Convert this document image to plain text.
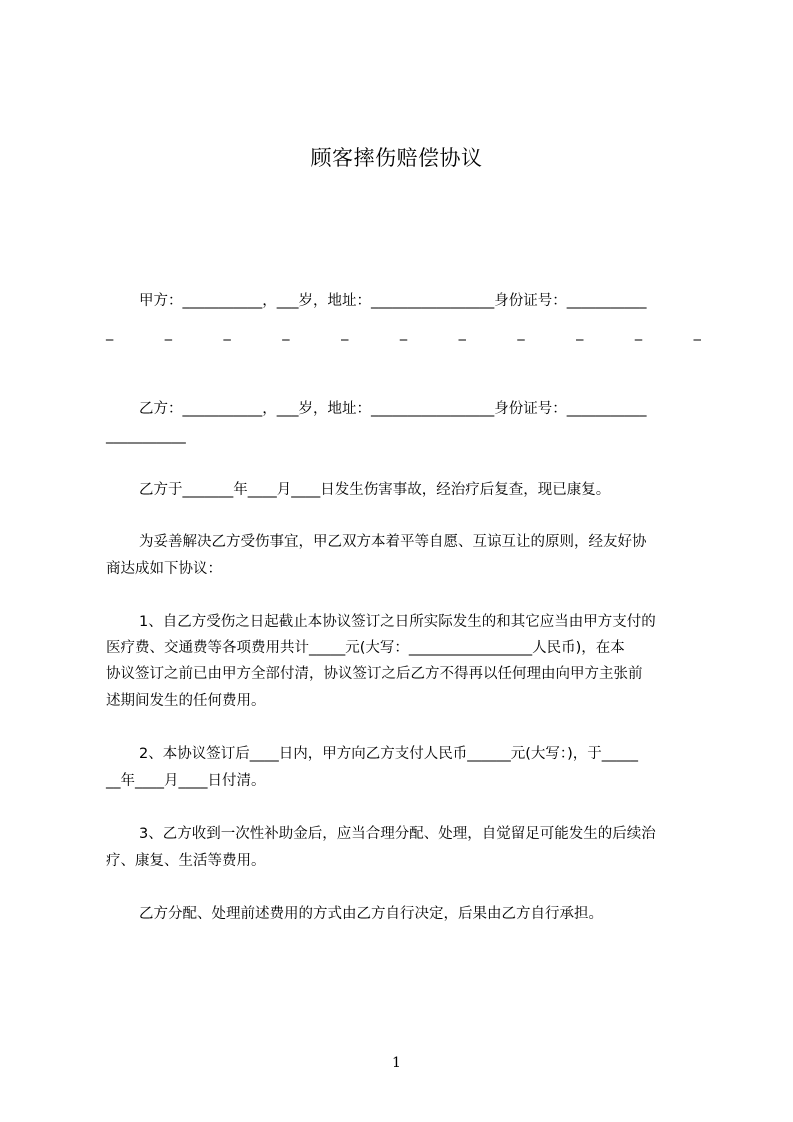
顾客摔伤赔偿协议
甲方：___________，___岁，地址：_________________身份证号：___________
_	_	_	_	_	_	_	_	_	_	_
乙方：___________，___岁，地址：_________________身份证号：___________
___________
乙方于_______年____月____日发生伤害事故，经治疗后复查，现已康复。
为妥善解决乙方受伤事宜，甲乙双方本着平等自愿、互谅互让的原则，经友好协
商达成如下协议：
1、自乙方受伤之日起截止本协议签订之日所实际发生的和其它应当由甲方支付的
医疗费、交通费等各项费用共计_____元(大写：_________________人民币)，在本
协议签订之前已由甲方全部付清，协议签订之后乙方不得再以任何理由向甲方主张前
述期间发生的任何费用。
2、本协议签订后____日内，甲方向乙方支付人民币______元(大写：)，于_____
__年____月____日付清。
3、乙方收到一次性补助金后，应当合理分配、处理，自觉留足可能发生的后续治
疗、康复、生活等费用。
乙方分配、处理前述费用的方式由乙方自行决定，后果由乙方自行承担。
1
